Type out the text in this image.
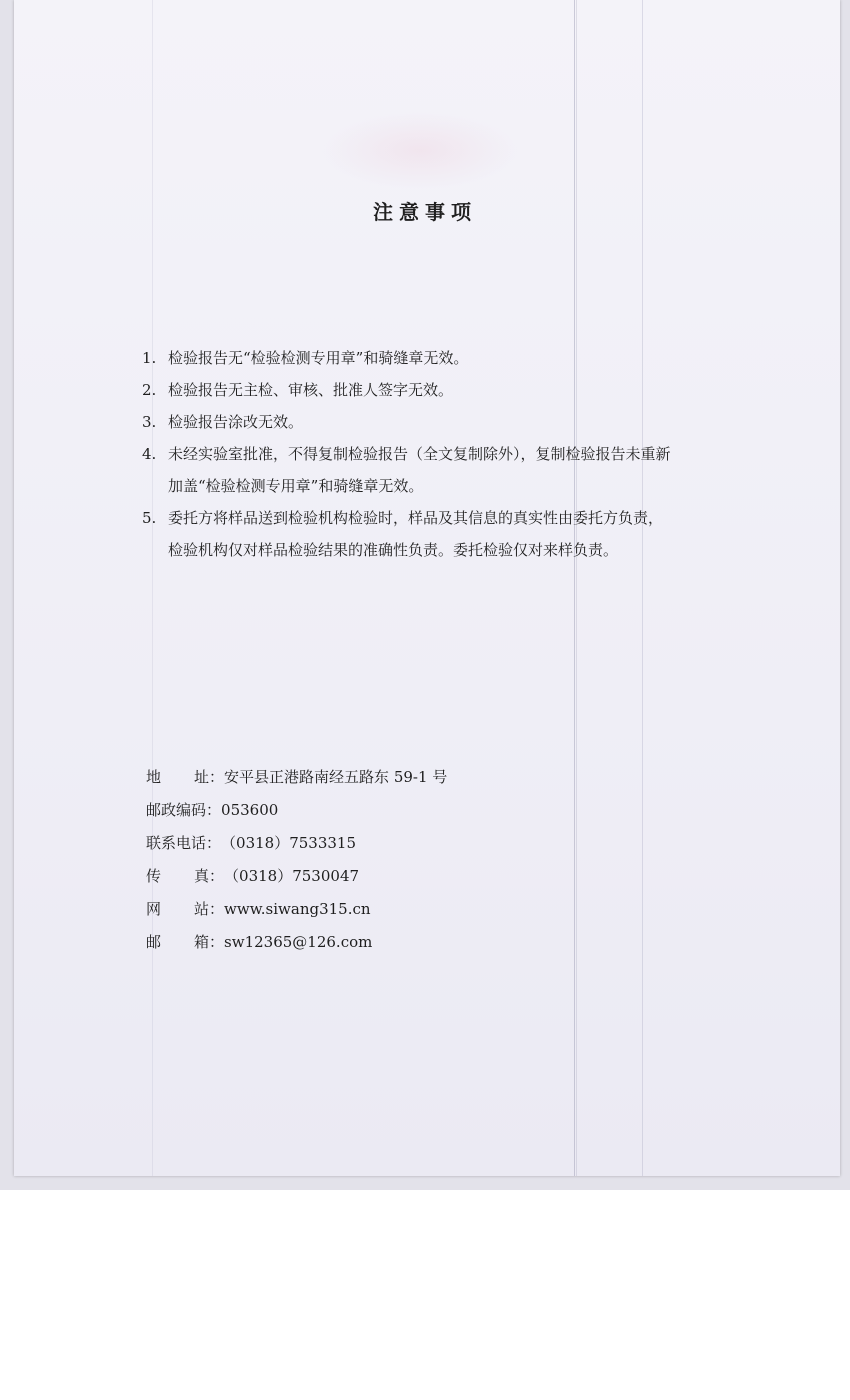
注意事项
1. 检验报告无“检验检测专用章”和骑缝章无效。
2. 检验报告无主检、审核、批准人签字无效。
3. 检验报告涂改无效。
4. 未经实验室批准，不得复制检验报告（全文复制除外），复制检验报告未重新
加盖“检验检测专用章”和骑缝章无效。
5. 委托方将样品送到检验机构检验时，样品及其信息的真实性由委托方负责，
检验机构仅对样品检验结果的准确性负责。委托检验仅对来样负责。
地址：安平县正港路南经五路东 59-1 号
邮政编码：053600
联系电话：（0318）7533315
传真：（0318）7530047
网站：www.siwang315.cn
邮箱：sw12365@126.com
